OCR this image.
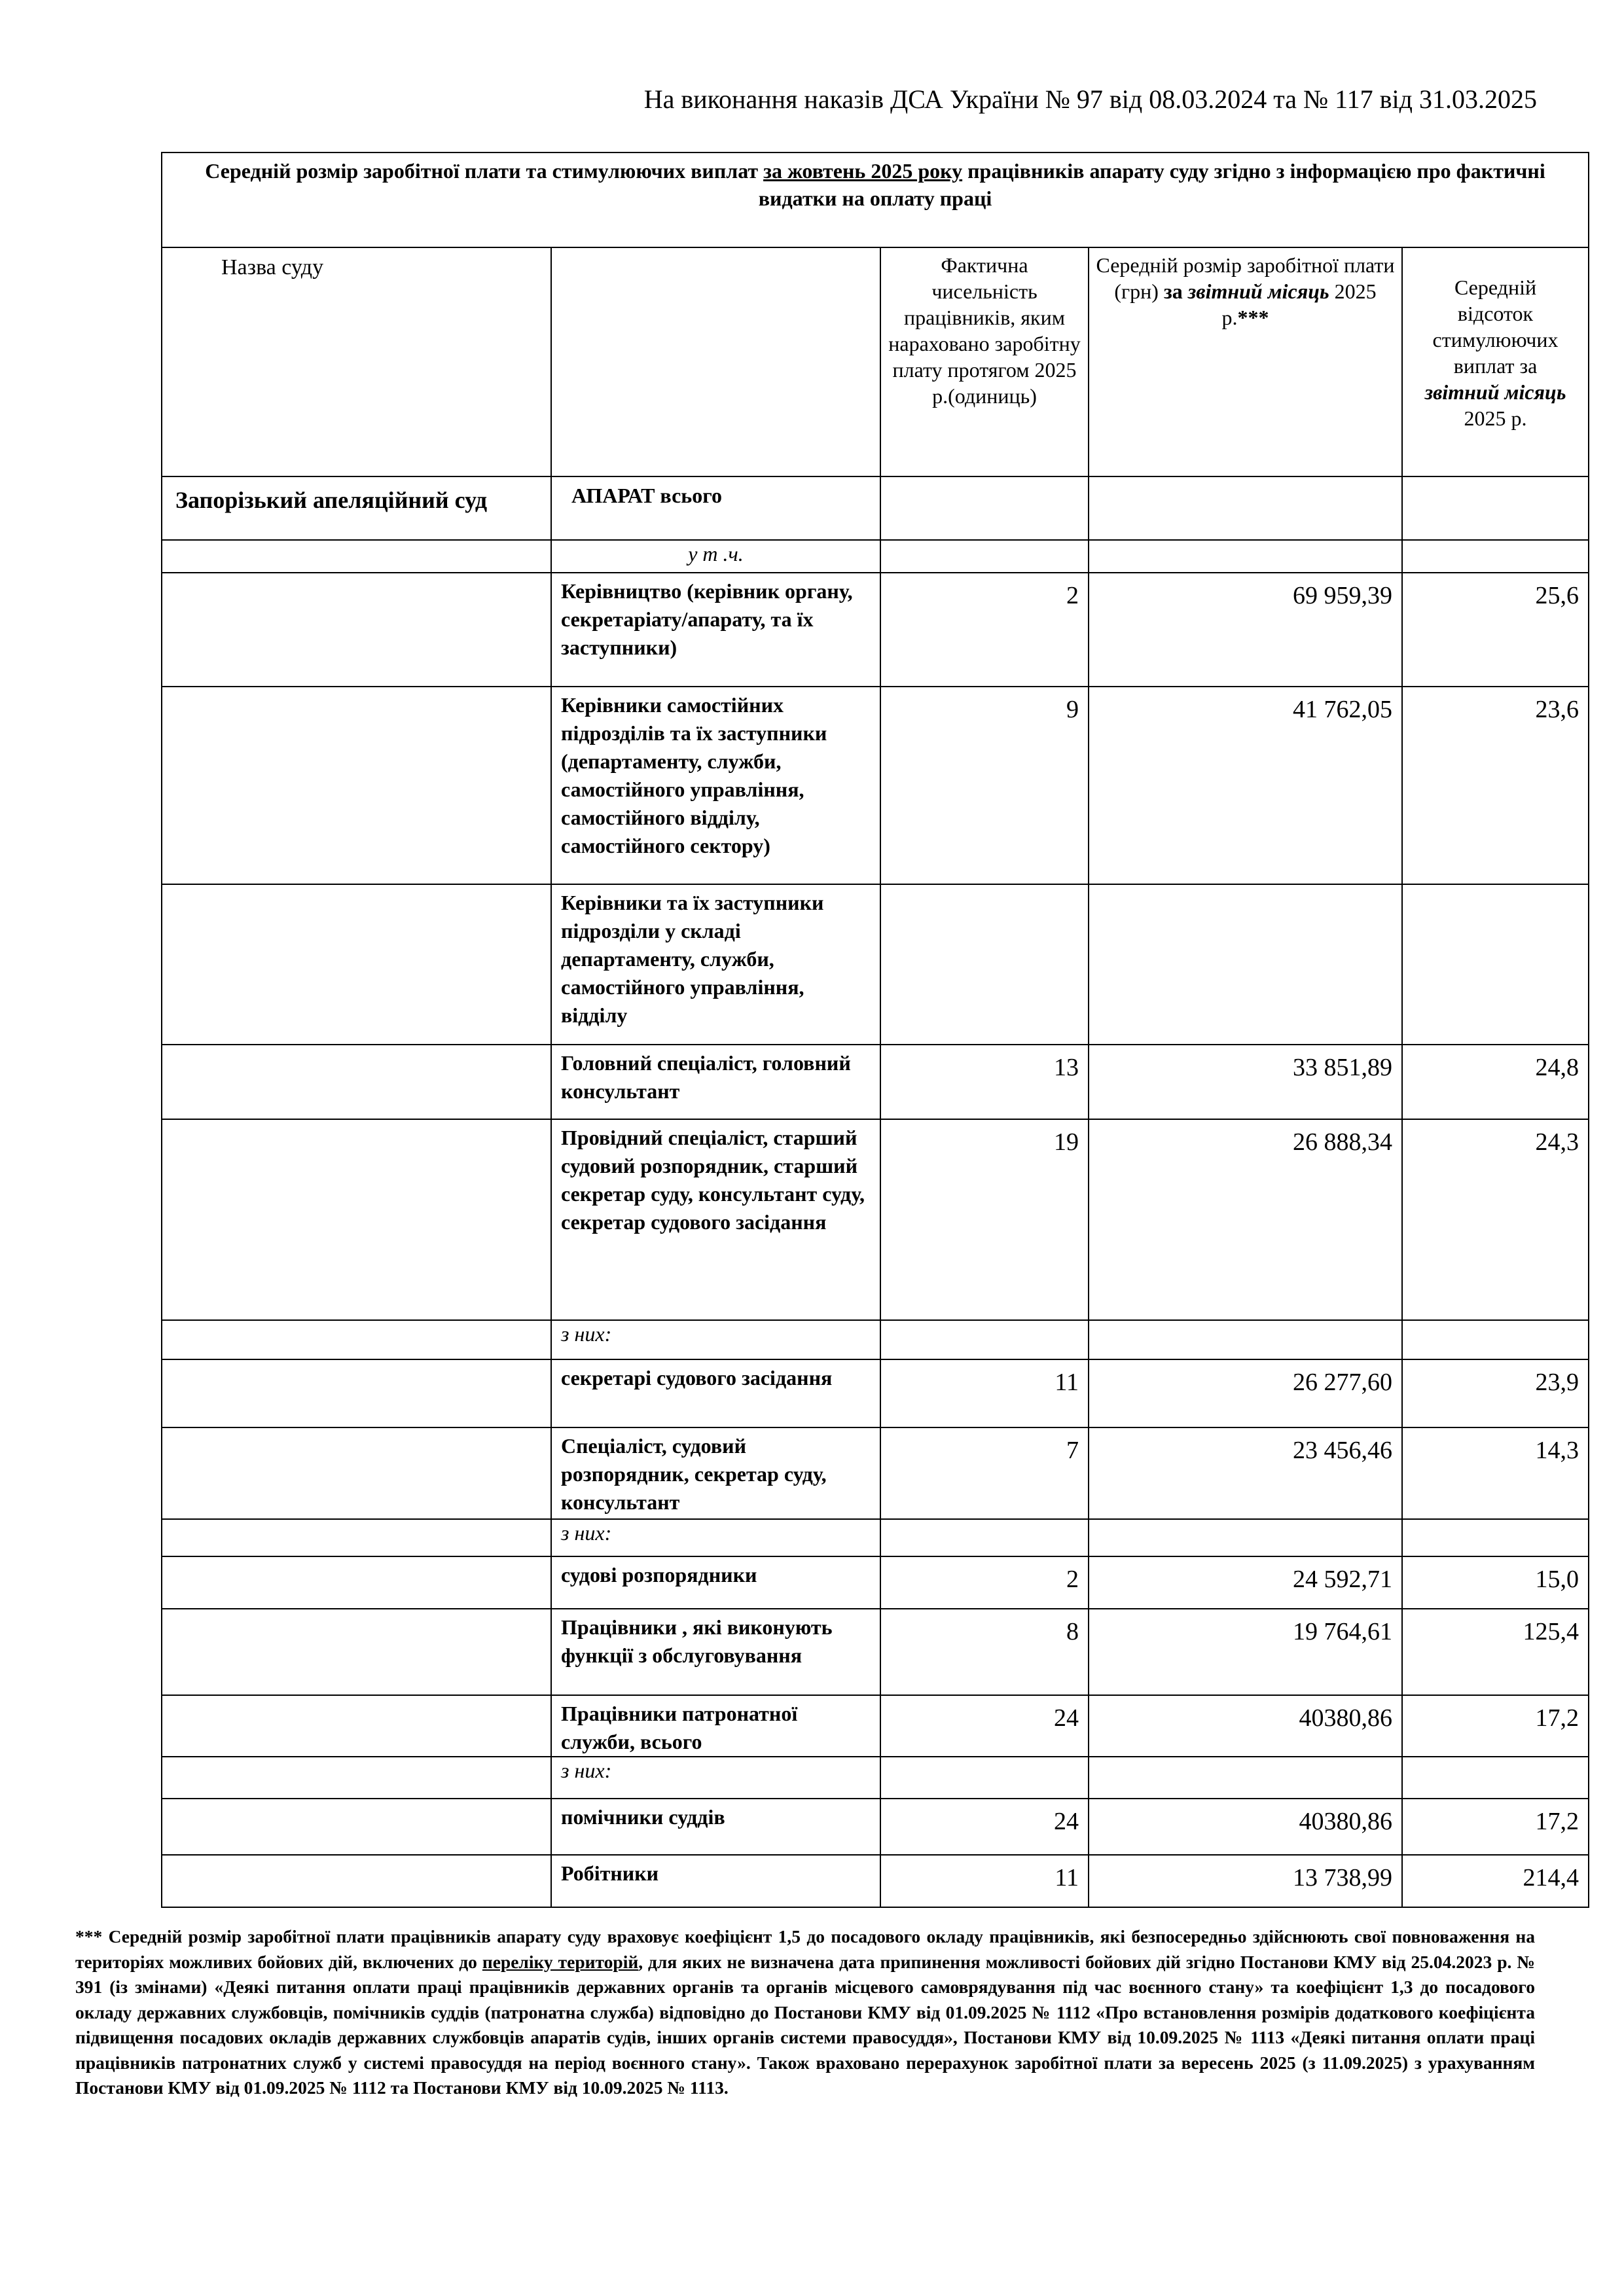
На виконання наказів ДСА України № 97 від 08.03.2024 та № 117 від 31.03.2025
Середній розмір заробітної плати та стимулюючих виплат за жовтень 2025 року працівників апарату суду згідно з інформацією про фактичні видатки на оплату праці				
Назва суду		Фактична чисельність працівників, яким нараховано заробітну плату протягом 2025 р.(одиниць)	Середній розмір заробітної плати (грн) за звітний місяць 2025 р.***	Середній відсоток стимулюючих виплат за звітний місяць 2025 р.
Запорізький апеляційний суд	АПАРАТ всього			
	у т .ч.			
	Керівництво (керівник органу, секретаріату/апарату, та їх заступники)	2	69 959,39	25,6
	Керівники самостійних підрозділів та їх заступники (департаменту, служби, самостійного управління, самостійного відділу, самостійного сектору)	9	41 762,05	23,6
	Керівники та їх заступники підрозділи у складі департаменту, служби, самостійного управління, відділу			
	Головний спеціаліст, головний консультант	13	33 851,89	24,8
	Провідний спеціаліст, старший судовий розпорядник, старший секретар суду, консультант суду, секретар судового засідання	19	26 888,34	24,3
	з них:			
	секретарі судового засідання	11	26 277,60	23,9
	Спеціаліст, судовий розпорядник, секретар суду, консультант	7	23 456,46	14,3
	з них:			
	судові розпорядники	2	24 592,71	15,0
	Працівники , які виконують функції з обслуговування	8	19 764,61	125,4
	Працівники патронатної служби, всього	24	40380,86	17,2
	з них:			
	помічники суддів	24	40380,86	17,2
	Робітники	11	13 738,99	214,4
*** Середній розмір заробітної плати працівників апарату суду враховує коефіцієнт 1,5 до посадового окладу працівників, які безпосередньо здійснюють свої повноваження на територіях можливих бойових дій, включених до переліку територій, для яких не визначена дата припинення можливості бойових дій згідно Постанови КМУ від 25.04.2023 р. № 391 (із змінами) «Деякі питання оплати праці працівників державних органів та органів місцевого самоврядування під час воєнного стану» та коефіцієнт 1,3 до посадового окладу державних службовців, помічників суддів (патронатна служба) відповідно до Постанови КМУ від 01.09.2025 № 1112 «Про встановлення розмірів додаткового коефіцієнта підвищення посадових окладів державних службовців апаратів судів, інших органів системи правосуддя», Постанови КМУ від 10.09.2025 № 1113 «Деякі питання оплати праці працівників патронатних служб у системі правосуддя на період воєнного стану». Також враховано перерахунок заробітної плати за вересень 2025 (з 11.09.2025) з урахуванням Постанови КМУ від 01.09.2025 № 1112 та Постанови КМУ від 10.09.2025 № 1113.
